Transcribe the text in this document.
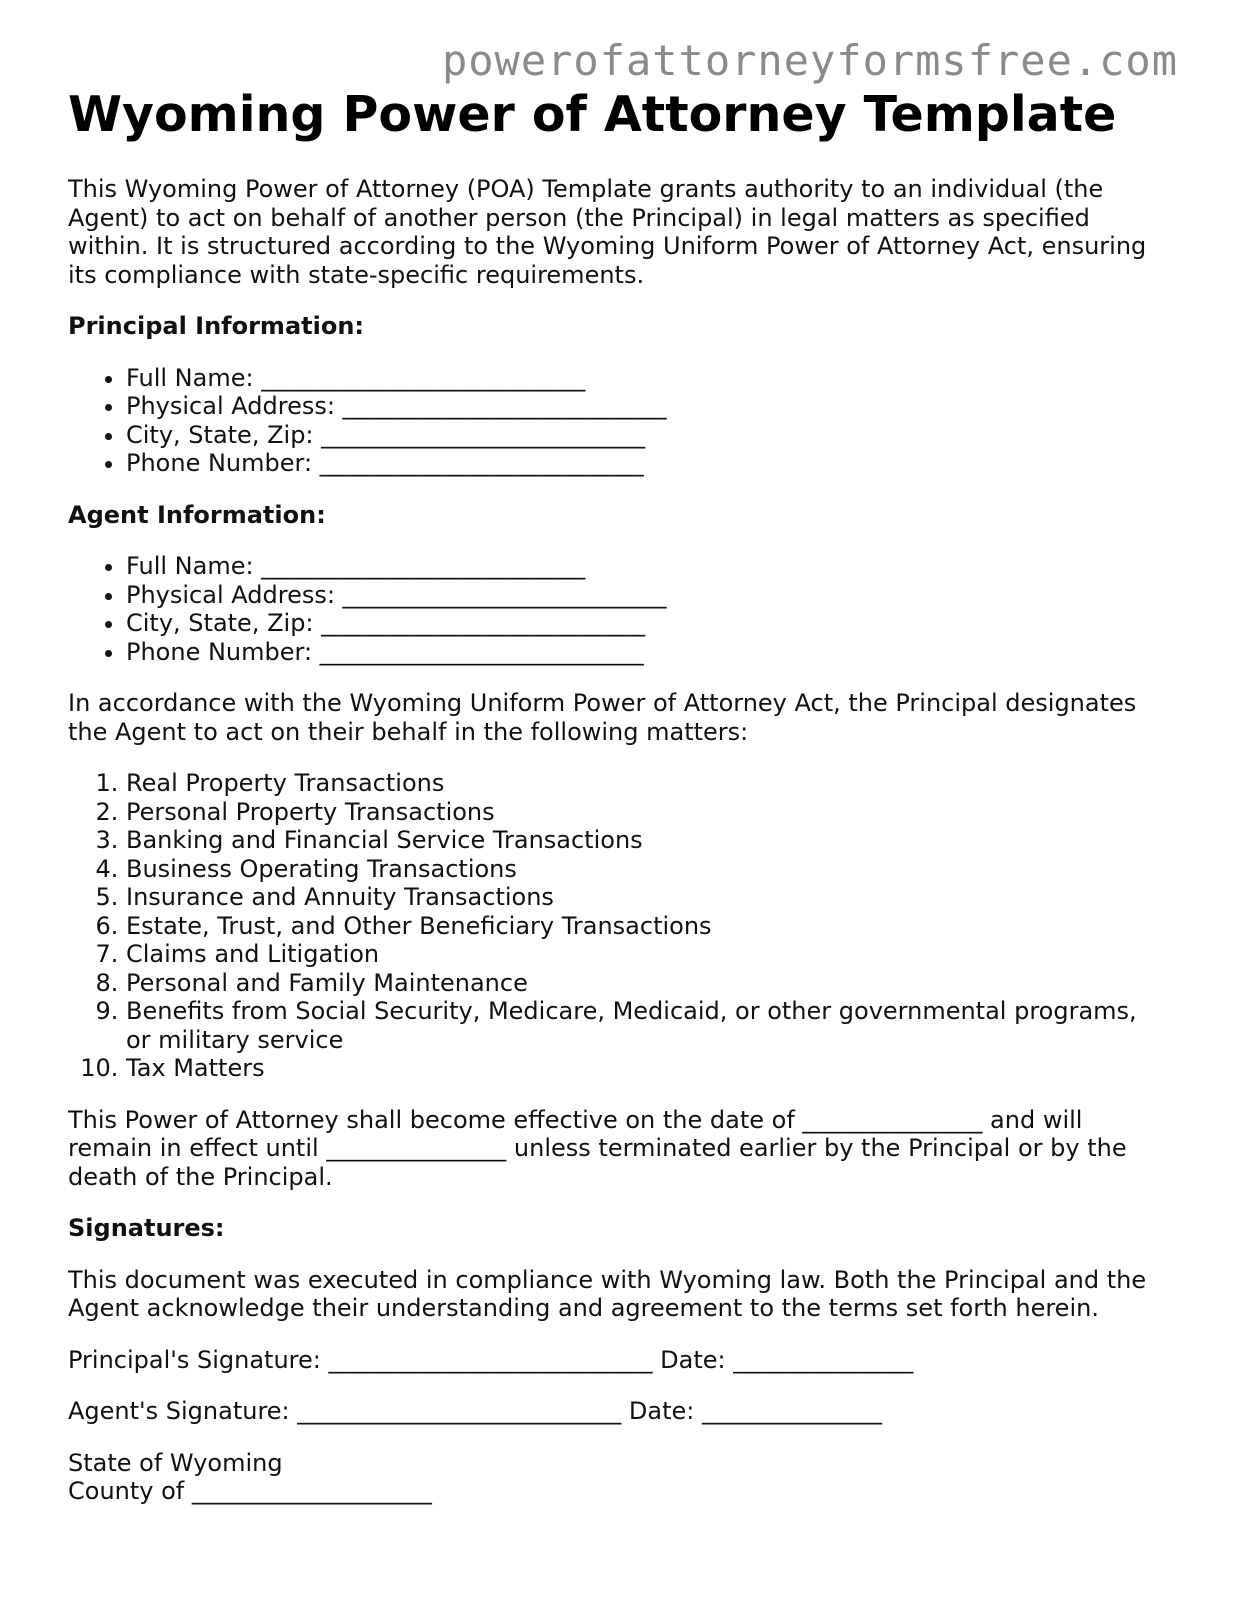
powerofattorneyformsfree.com
Wyoming Power of Attorney Template

This Wyoming Power of Attorney (POA) Template grants authority to an individual (the Agent) to act on behalf of another person (the Principal) in legal matters as specified within. It is structured according to the Wyoming Uniform Power of Attorney Act, ensuring its compliance with state-specific requirements.

Principal Information:

• Full Name: ___________________________
• Physical Address: ___________________________
• City, State, Zip: ___________________________
• Phone Number: ___________________________

Agent Information:

• Full Name: ___________________________
• Physical Address: ___________________________
• City, State, Zip: ___________________________
• Phone Number: ___________________________

In accordance with the Wyoming Uniform Power of Attorney Act, the Principal designates the Agent to act on their behalf in the following matters:

1. Real Property Transactions
2. Personal Property Transactions
3. Banking and Financial Service Transactions
4. Business Operating Transactions
5. Insurance and Annuity Transactions
6. Estate, Trust, and Other Beneficiary Transactions
7. Claims and Litigation
8. Personal and Family Maintenance
9. Benefits from Social Security, Medicare, Medicaid, or other governmental programs, or military service
10. Tax Matters

This Power of Attorney shall become effective on the date of _______________ and will remain in effect until _______________ unless terminated earlier by the Principal or by the death of the Principal.

Signatures:

This document was executed in compliance with Wyoming law. Both the Principal and the Agent acknowledge their understanding and agreement to the terms set forth herein.

Principal's Signature: ___________________________ Date: _______________

Agent's Signature: ___________________________ Date: _______________

State of Wyoming

County of ____________________
